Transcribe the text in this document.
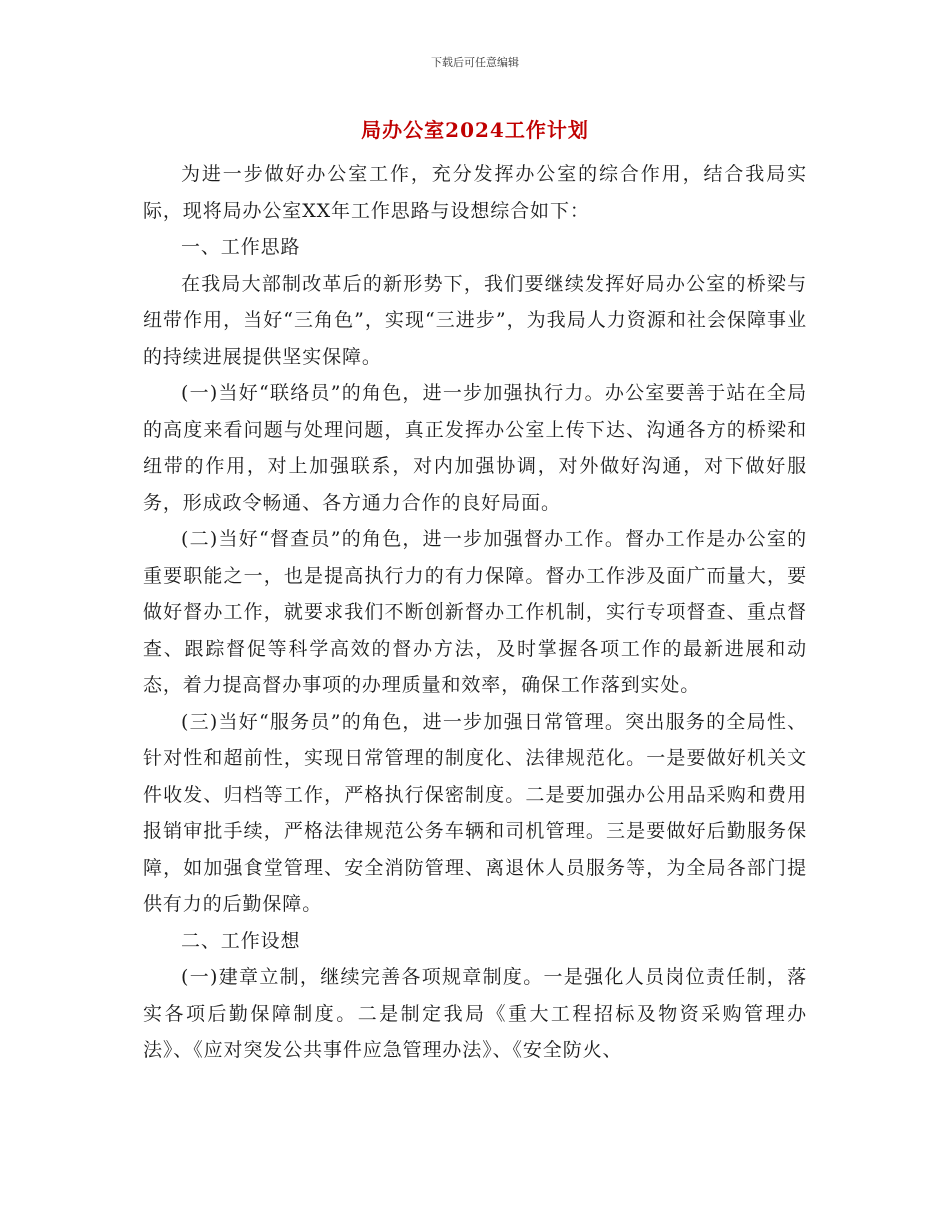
下载后可任意编辑
局办公室2024工作计划

为进一步做好办公室工作，充分发挥办公室的综合作用，结合我局实际，现将局办公室XX年工作思路与设想综合如下：

一、工作思路

在我局大部制改革后的新形势下，我们要继续发挥好局办公室的桥梁与纽带作用，当好“三角色”，实现“三进步”，为我局人力资源和社会保障事业的持续进展提供坚实保障。

(一)当好“联络员”的角色，进一步加强执行力。办公室要善于站在全局的高度来看问题与处理问题，真正发挥办公室上传下达、沟通各方的桥梁和纽带的作用，对上加强联系，对内加强协调，对外做好沟通，对下做好服务，形成政令畅通、各方通力合作的良好局面。

(二)当好“督查员”的角色，进一步加强督办工作。督办工作是办公室的重要职能之一，也是提高执行力的有力保障。督办工作涉及面广而量大，要做好督办工作，就要求我们不断创新督办工作机制，实行专项督查、重点督查、跟踪督促等科学高效的督办方法，及时掌握各项工作的最新进展和动态，着力提高督办事项的办理质量和效率，确保工作落到实处。

(三)当好“服务员”的角色，进一步加强日常管理。突出服务的全局性、针对性和超前性，实现日常管理的制度化、法律规范化。一是要做好机关文件收发、归档等工作，严格执行保密制度。二是要加强办公用品采购和费用报销审批手续，严格法律规范公务车辆和司机管理。三是要做好后勤服务保障，如加强食堂管理、安全消防管理、离退休人员服务等，为全局各部门提供有力的后勤保障。

二、工作设想

(一)建章立制，继续完善各项规章制度。一是强化人员岗位责任制，落实各项后勤保障制度。二是制定我局《重大工程招标及物资采购管理办法》、《应对突发公共事件应急管理办法》、《安全防火、
